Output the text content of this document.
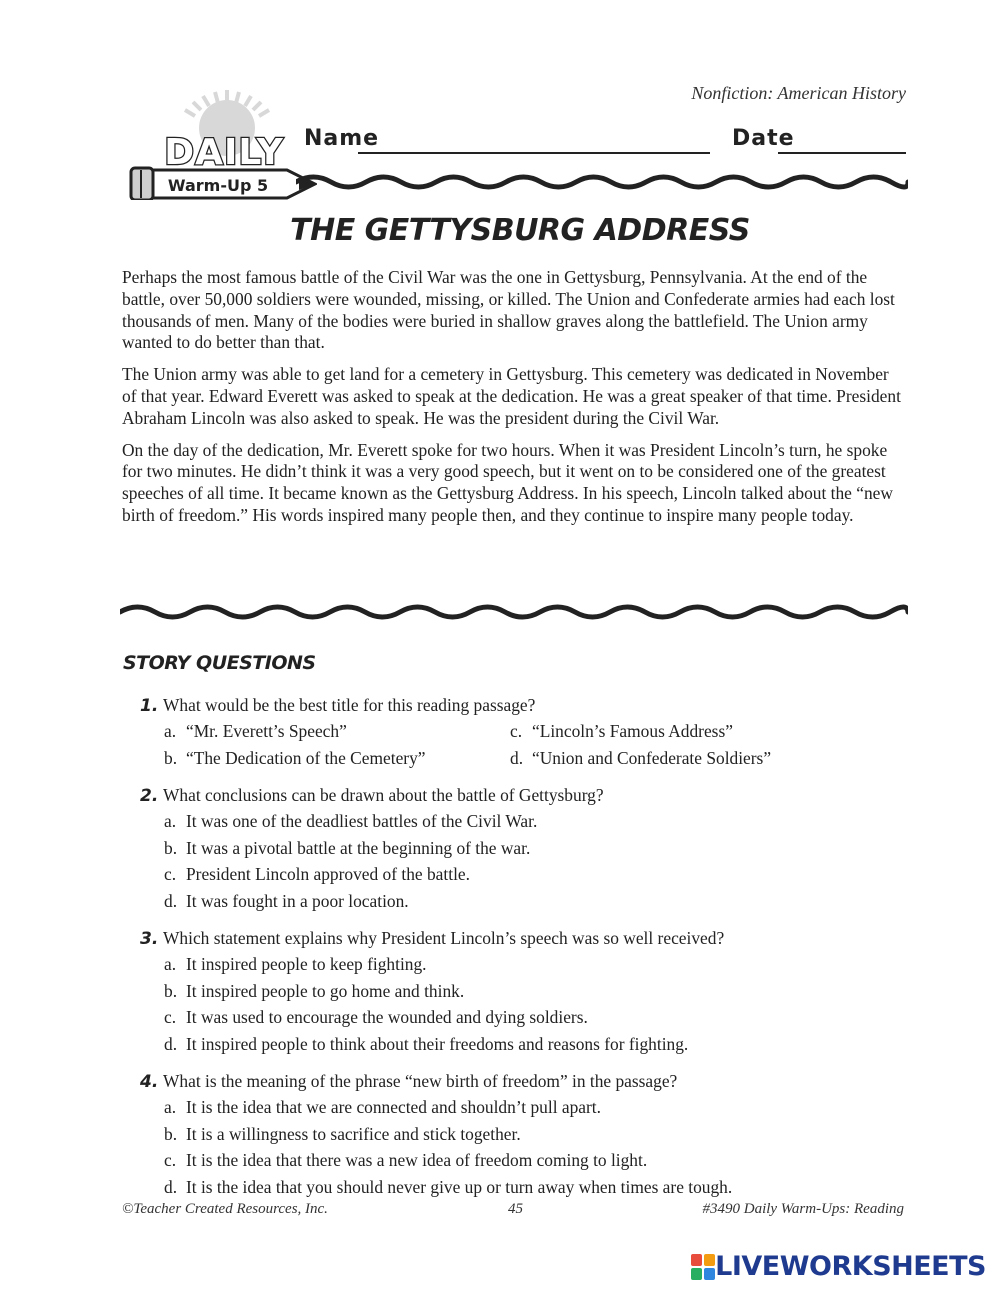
Nonfiction: American History
DAILY
Warm-Up 5
Name	Date
THE GETTYSBURG ADDRESS

Perhaps the most famous battle of the Civil War was the one in Gettysburg, Pennsylvania. At the end of the battle, over 50,000 soldiers were wounded, missing, or killed. The Union and Confederate armies had each lost thousands of men. Many of the bodies were buried in shallow graves along the battlefield. The Union army wanted to do better than that.

The Union army was able to get land for a cemetery in Gettysburg. This cemetery was dedicated in November of that year. Edward Everett was asked to speak at the dedication. He was a great speaker of that time. President Abraham Lincoln was also asked to speak. He was the president during the Civil War.

On the day of the dedication, Mr. Everett spoke for two hours. When it was President Lincoln’s turn, he spoke for two minutes. He didn’t think it was a very good speech, but it went on to be considered one of the greatest speeches of all time. It became known as the Gettysburg Address. In his speech, Lincoln talked about the “new birth of freedom.” His words inspired many people then, and they continue to inspire many people today.

STORY QUESTIONS
1. What would be the best title for this reading passage?
a. “Mr. Everett’s Speech”	c. “Lincoln’s Famous Address”
b. “The Dedication of the Cemetery”	d. “Union and Confederate Soldiers”
2. What conclusions can be drawn about the battle of Gettysburg?
a. It was one of the deadliest battles of the Civil War.
b. It was a pivotal battle at the beginning of the war.
c. President Lincoln approved of the battle.
d. It was fought in a poor location.
3. Which statement explains why President Lincoln’s speech was so well received?
a. It inspired people to keep fighting.
b. It inspired people to go home and think.
c. It was used to encourage the wounded and dying soldiers.
d. It inspired people to think about their freedoms and reasons for fighting.
4. What is the meaning of the phrase “new birth of freedom” in the passage?
a. It is the idea that we are connected and shouldn’t pull apart.
b. It is a willingness to sacrifice and stick together.
c. It is the idea that there was a new idea of freedom coming to light.
d. It is the idea that you should never give up or turn away when times are tough.
©Teacher Created Resources, Inc.	45	#3490 Daily Warm-Ups: Reading
LIVEWORKSHEETS
